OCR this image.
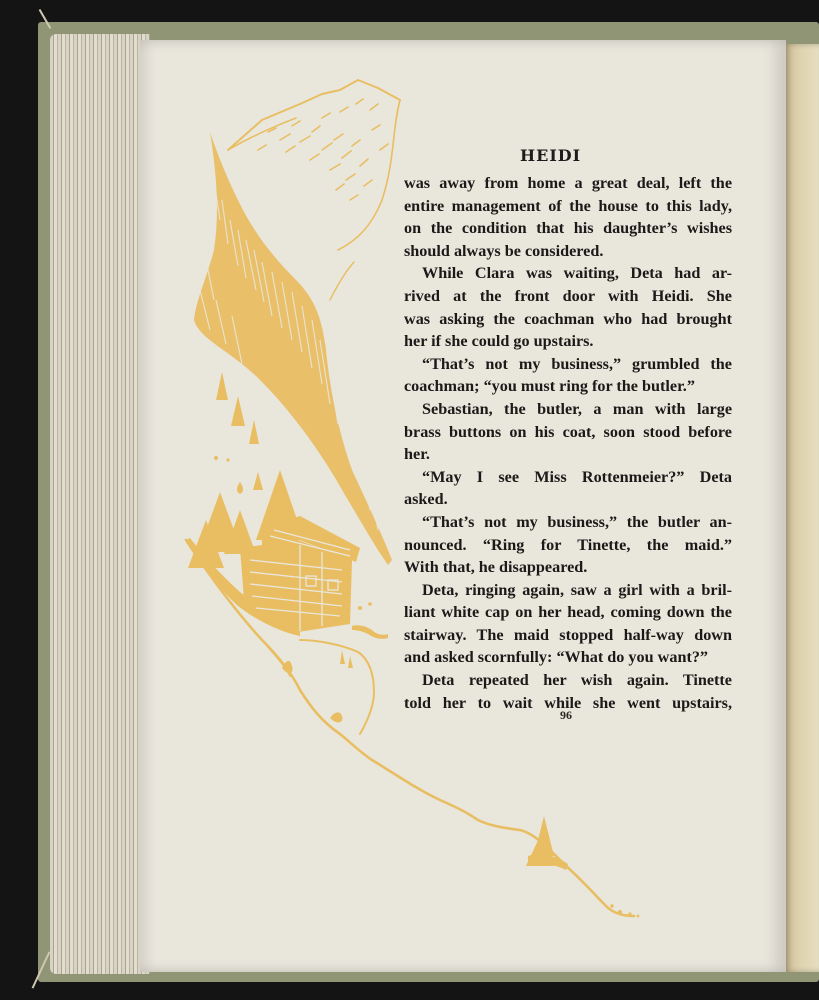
HEIDI
was away from home a great deal, left the
entire management of the house to this lady,
on the condition that his daughter’s wishes
should always be considered.
While Clara was waiting, Deta had ar-
rived at the front door with Heidi. She
was asking the coachman who had brought
her if she could go upstairs.
“That’s not my business,” grumbled the
coachman; “you must ring for the butler.”
Sebastian, the butler, a man with large
brass buttons on his coat, soon stood before
her.
“May I see Miss Rottenmeier?” Deta
asked.
“That’s not my business,” the butler an-
nounced. “Ring for Tinette, the maid.”
With that, he disappeared.
Deta, ringing again, saw a girl with a bril-
liant white cap on her head, coming down the
stairway. The maid stopped half-way down
and asked scornfully: “What do you want?”
Deta repeated her wish again. Tinette
told her to wait while she went upstairs,
96
